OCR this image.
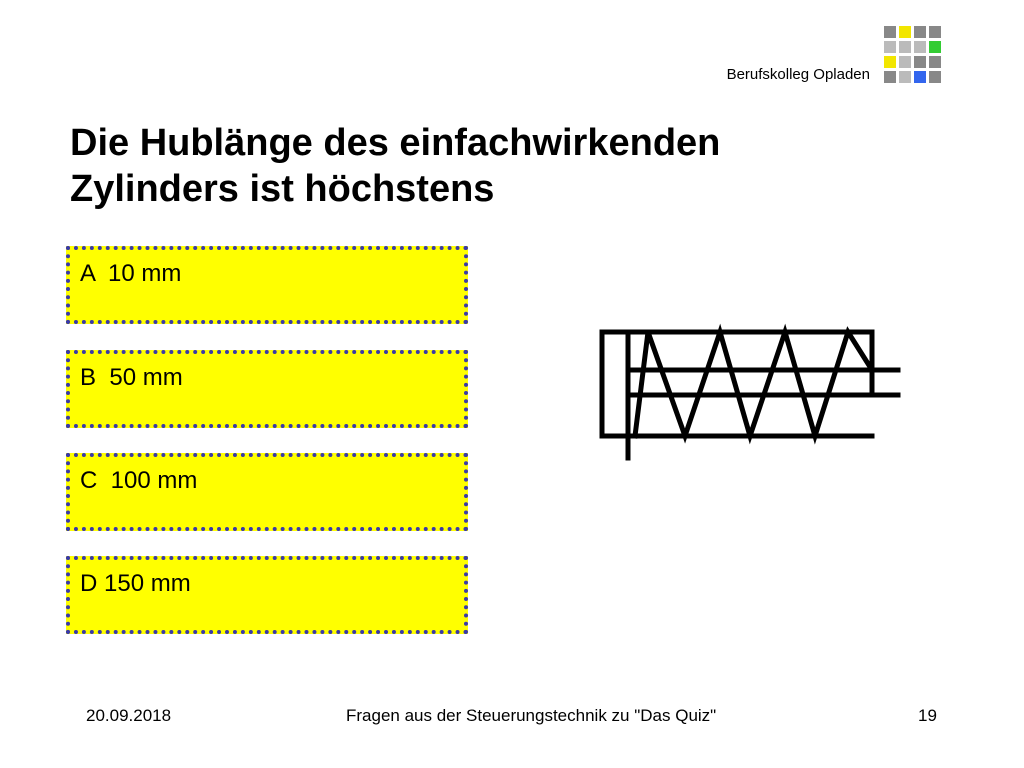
Berufskolleg Opladen
Die Hublänge des einfachwirkenden Zylinders ist höchstens
A  10 mm
B  50 mm
C  100 mm
D 150 mm
20.09.2018	Fragen aus der Steuerungstechnik zu "Das Quiz"	19
